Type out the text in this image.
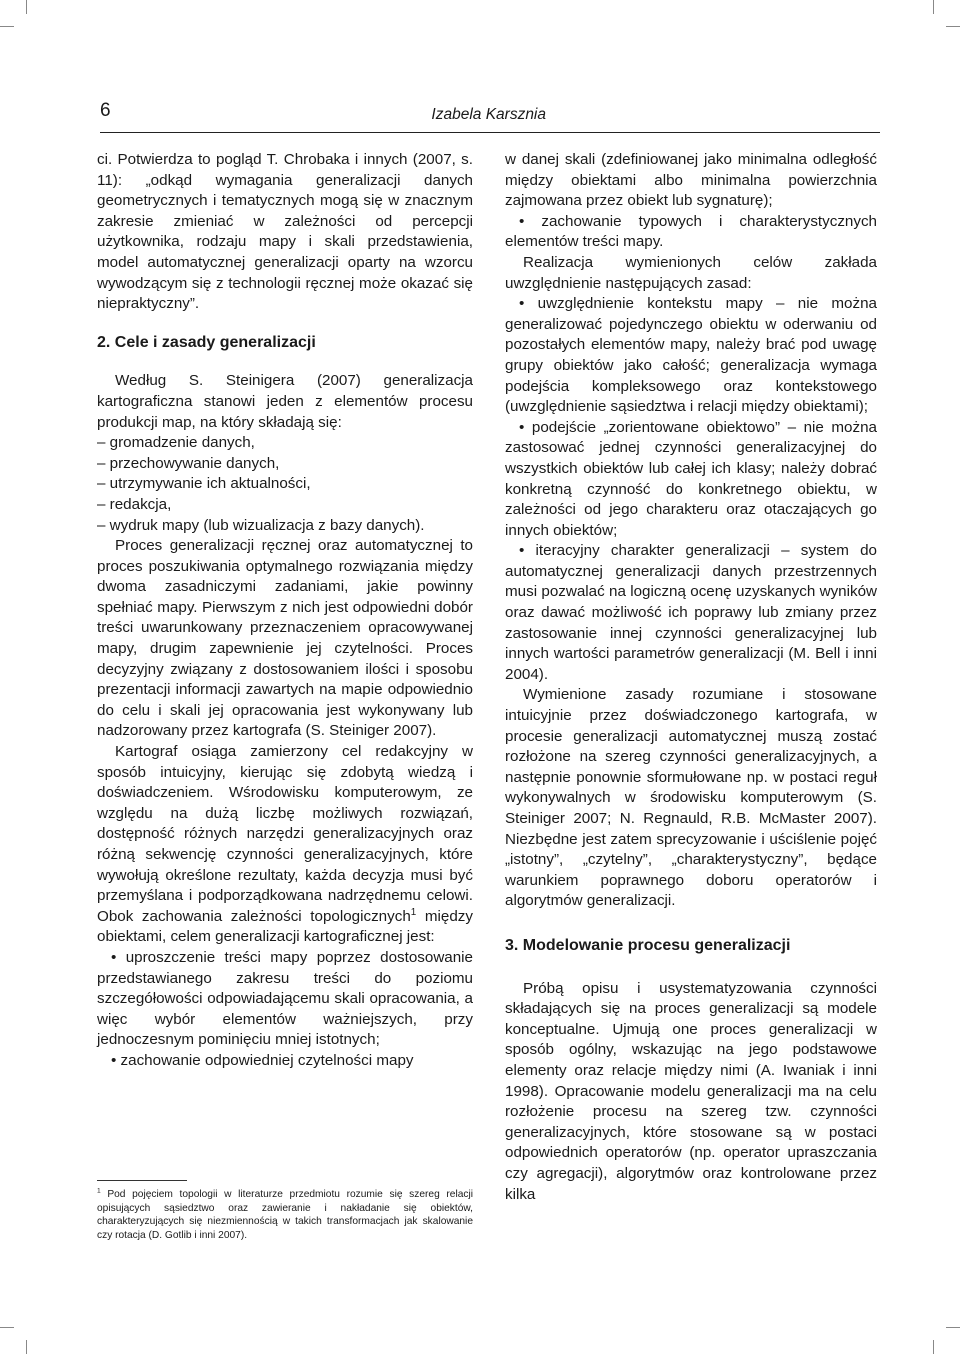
6	Izabela Karsznia

ci. Potwierdza to pogląd T. Chrobaka i innych (2007, s. 11): „odkąd wymagania generalizacji danych geometrycznych i tematycznych mogą się w znacznym zakresie zmieniać w zależności od percepcji użytkownika, rodzaju mapy i skali przedstawienia, model automatycznej generalizacji oparty na wzorcu wywodzącym się z technologii ręcznej może okazać się niepraktyczny”.

2. Cele i zasady generalizacji

Według S. Steinigera (2007) generalizacja kartograficzna stanowi jeden z elementów procesu produkcji map, na który składają się:

– gromadzenie danych,
– przechowywanie danych,
– utrzymywanie ich aktualności,
– redakcja,
– wydruk mapy (lub wizualizacja z bazy danych).

Proces generalizacji ręcznej oraz automatycznej to proces poszukiwania optymalnego rozwiązania między dwoma zasadniczymi zadaniami, jakie powinny spełniać mapy. Pierwszym z nich jest odpowiedni dobór treści uwarunkowany przeznaczeniem opracowywanej mapy, drugim zapewnienie jej czytelności. Proces decyzyjny związany z dostosowaniem ilości i sposobu prezentacji informacji zawartych na mapie odpowiednio do celu i skali jej opracowania jest wykonywany lub nadzorowany przez kartografa (S. Steiniger 2007).

Kartograf osiąga zamierzony cel redakcyjny w sposób intuicyjny, kierując się zdobytą wiedzą i doświadczeniem. Wśrodowisku komputerowym, ze względu na dużą liczbę możliwych rozwiązań, dostępność różnych narzędzi generalizacyjnych oraz różną sekwencję czynności generalizacyjnych, które wywołują określone rezultaty, każda decyzja musi być przemyślana i podporządkowana nadrzędnemu celowi. Obok zachowania zależności topologicznych$^1$ między obiektami, celem generalizacji kartograficznej jest:

• uproszczenie treści mapy poprzez dostosowanie przedstawianego zakresu treści do poziomu szczegółowości odpowiadającemu skali opracowania, a więc wybór elementów ważniejszych, przy jednoczesnym pominięciu mniej istotnych;

• zachowanie odpowiedniej czytelności mapy

$^1$ Pod pojęciem topologii w literaturze przedmiotu rozumie się szereg relacji opisujących sąsiedztwo oraz zawieranie i nakładanie się obiektów, charakteryzujących się niezmiennością w takich transformacjach jak skalowanie czy rotacja (D. Gotlib i inni 2007).

w danej skali (zdefiniowanej jako minimalna odległość między obiektami albo minimalna powierzchnia zajmowana przez obiekt lub sygnaturę);

• zachowanie typowych i charakterystycznych elementów treści mapy.

Realizacja wymienionych celów zakłada uwzględnienie następujących zasad:

• uwzględnienie kontekstu mapy – nie można generalizować pojedynczego obiektu w oderwaniu od pozostałych elementów mapy, należy brać pod uwagę grupy obiektów jako całość; generalizacja wymaga podejścia kompleksowego oraz kontekstowego (uwzględnienie sąsiedztwa i relacji między obiektami);

• podejście „zorientowane obiektowo” – nie można zastosować jednej czynności generalizacyjnej do wszystkich obiektów lub całej ich klasy; należy dobrać konkretną czynność do konkretnego obiektu, w zależności od jego charakteru oraz otaczających go innych obiektów;

• iteracyjny charakter generalizacji – system do automatycznej generalizacji danych przestrzennych musi pozwalać na logiczną ocenę uzyskanych wyników oraz dawać możliwość ich poprawy lub zmiany przez zastosowanie innej czynności generalizacyjnej lub innych wartości parametrów generalizacji (M. Bell i inni 2004).

Wymienione zasady rozumiane i stosowane intuicyjnie przez doświadczonego kartografa, w procesie generalizacji automatycznej muszą zostać rozłożone na szereg czynności generalizacyjnych, a następnie ponownie sformułowane np. w postaci reguł wykonywalnych w środowisku komputerowym (S. Steiniger 2007; N. Regnauld, R.B. McMaster 2007). Niezbędne jest zatem sprecyzowanie i uściślenie pojęć „istotny”, „czytelny”, „charakterystyczny”, będące warunkiem poprawnego doboru operatorów i algorytmów generalizacji.

3. Modelowanie procesu generalizacji

Próbą opisu i usystematyzowania czynności składających się na proces generalizacji są modele konceptualne. Ujmują one proces generalizacji w sposób ogólny, wskazując na jego podstawowe elementy oraz relacje między nimi (A. Iwaniak i inni 1998). Opracowanie modelu generalizacji ma na celu rozłożenie procesu na szereg tzw. czynności generalizacyjnych, które stosowane są w postaci odpowiednich operatorów (np. operator upraszczania czy agregacji), algorytmów oraz kontrolowane przez kilka
